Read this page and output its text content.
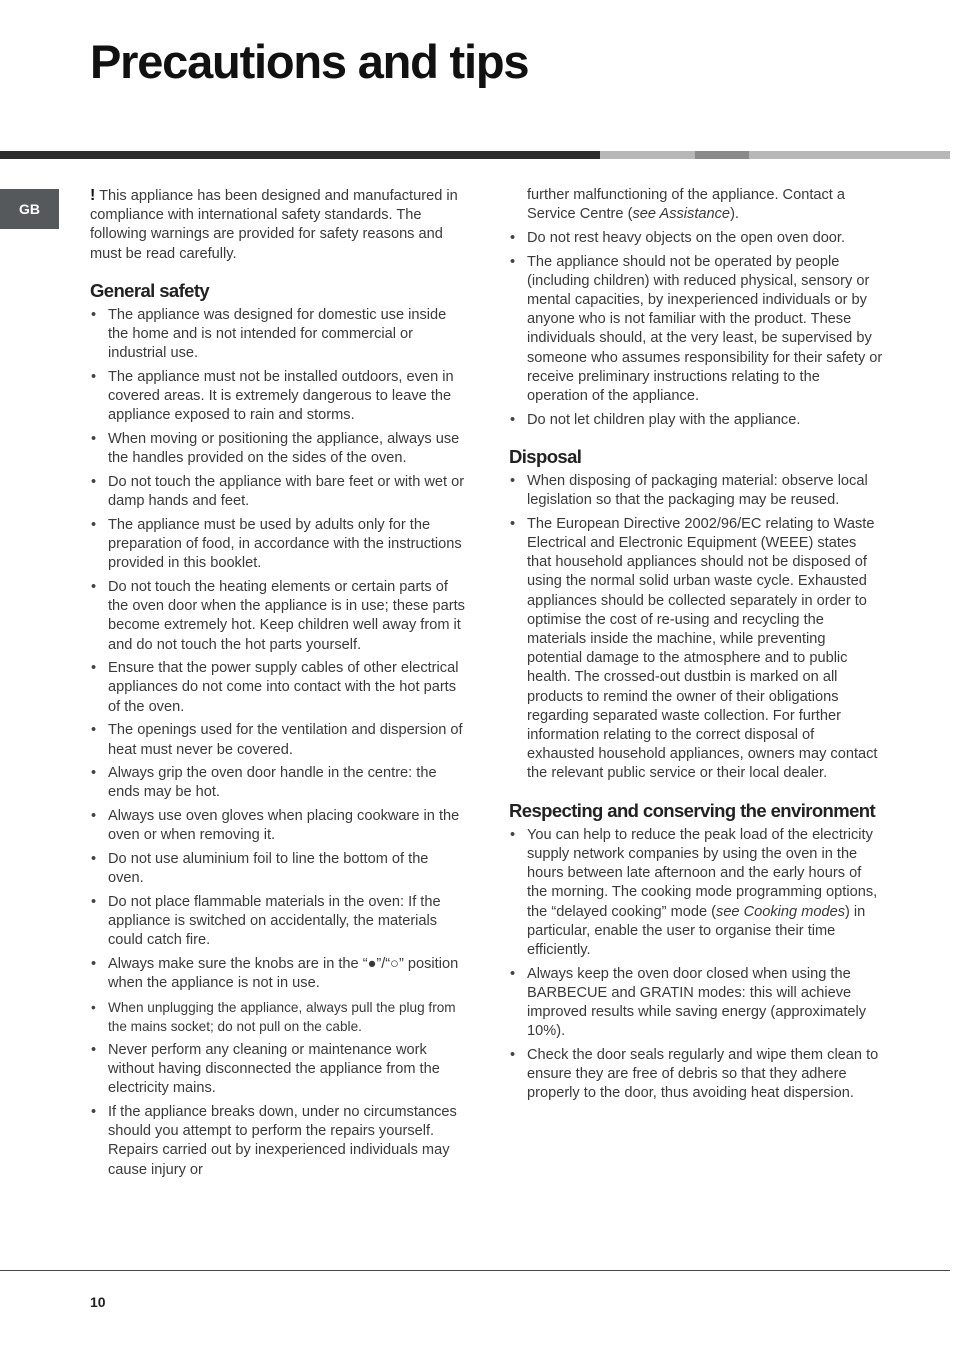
Precautions and tips
GB

! This appliance has been designed and manufactured in compliance with international safety standards. The following warnings are provided for safety reasons and must be read carefully.

General safety
• The appliance was designed for domestic use inside the home and is not intended for commercial or industrial use.
• The appliance must not be installed outdoors, even in covered areas. It is extremely dangerous to leave the appliance exposed to rain and storms.
• When moving or positioning the appliance, always use the handles provided on the sides of the oven.
• Do not touch the appliance with bare feet or with wet or damp hands and feet.
• The appliance must be used by adults only for the preparation of food, in accordance with the instructions provided in this booklet.
• Do not touch the heating elements or certain parts of the oven door when the appliance is in use; these parts become extremely hot. Keep children well away from it and do not touch the hot parts yourself.
• Ensure that the power supply cables of other electrical appliances do not come into contact with the hot parts of the oven.
• The openings used for the ventilation and dispersion of heat must never be covered.
• Always grip the oven door handle in the centre: the ends may be hot.
• Always use oven gloves when placing cookware in the oven or when removing it.
• Do not use aluminium foil to line the bottom of the oven.
• Do not place flammable materials in the oven: If the appliance is switched on accidentally, the materials could catch fire.
• Always make sure the knobs are in the “●”/“○” position when the appliance is not in use.
• When unplugging the appliance, always pull the plug from the mains socket; do not pull on the cable.
• Never perform any cleaning or maintenance work without having disconnected the appliance from the electricity mains.
• If the appliance breaks down, under no circumstances should you attempt to perform the repairs yourself. Repairs carried out by inexperienced individuals may cause injury or
further malfunctioning of the appliance. Contact a Service Centre (see Assistance).
• Do not rest heavy objects on the open oven door.
• The appliance should not be operated by people (including children) with reduced physical, sensory or mental capacities, by inexperienced individuals or by anyone who is not familiar with the product. These individuals should, at the very least, be supervised by someone who assumes responsibility for their safety or receive preliminary instructions relating to the operation of the appliance.
• Do not let children play with the appliance.
Disposal
• When disposing of packaging material: observe local legislation so that the packaging may be reused.
• The European Directive 2002/96/EC relating to Waste Electrical and Electronic Equipment (WEEE) states that household appliances should not be disposed of using the normal solid urban waste cycle. Exhausted appliances should be collected separately in order to optimise the cost of re-using and recycling the materials inside the machine, while preventing potential damage to the atmosphere and to public health. The crossed-out dustbin is marked on all products to remind the owner of their obligations regarding separated waste collection. For further information relating to the correct disposal of exhausted household appliances, owners may contact the relevant public service or their local dealer.
Respecting and conserving the environment
• You can help to reduce the peak load of the electricity supply network companies by using the oven in the hours between late afternoon and the early hours of the morning. The cooking mode programming options, the “delayed cooking” mode (see Cooking modes) in particular, enable the user to organise their time efficiently.
• Always keep the oven door closed when using the BARBECUE and GRATIN modes: this will achieve improved results while saving energy (approximately 10%).
• Check the door seals regularly and wipe them clean to ensure they are free of debris so that they adhere properly to the door, thus avoiding heat dispersion.
10
